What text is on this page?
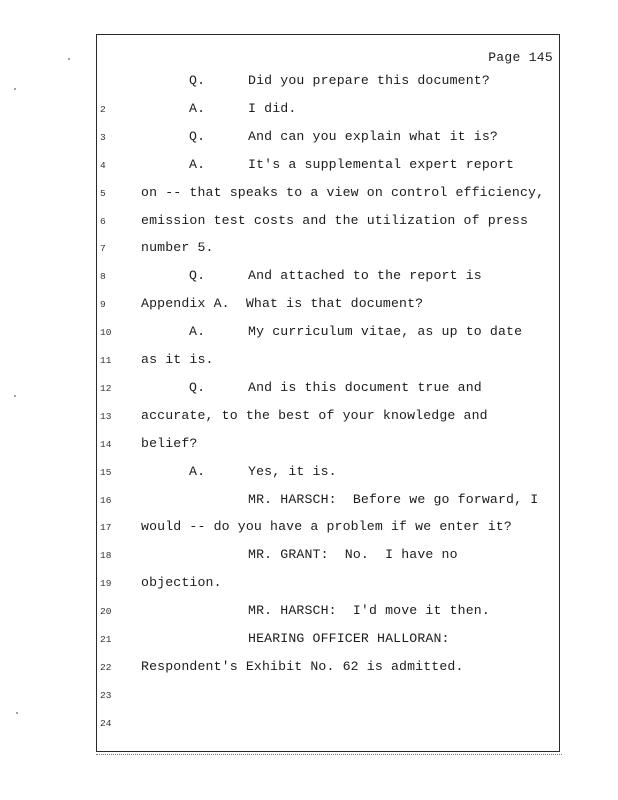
Page 145
Q.	Did you prepare this document?
2	A.	I did.
3	Q.	And can you explain what it is?
4	A.	It's a supplemental expert report
5	on -- that speaks to a view on control efficiency,
6	emission test costs and the utilization of press
7	number 5.
8	Q.	And attached to the report is
9	Appendix A.  What is that document?
10	A.	My curriculum vitae, as up to date
11	as it is.
12	Q.	And is this document true and
13	accurate, to the best of your knowledge and
14	belief?
15	A.	Yes, it is.
16	MR. HARSCH:  Before we go forward, I
17	would -- do you have a problem if we enter it?
18	MR. GRANT:  No.  I have no
19	objection.
20	MR. HARSCH:  I'd move it then.
21	HEARING OFFICER HALLORAN:
22	Respondent's Exhibit No. 62 is admitted.
23
24
